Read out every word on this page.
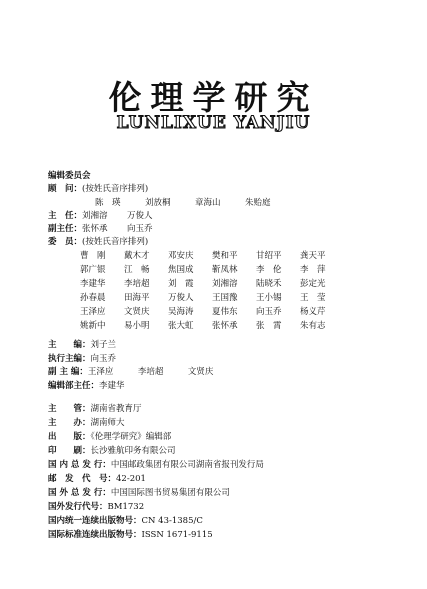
伦理学研究
LUNLIXUE YANJIU
编辑委员会
顾　问：(按姓氏音序排列)
陈　瑛	刘放桐	章海山	朱贻庭
主　任：刘湘溶 万俊人
副主任：张怀承 向玉乔
委　员：(按姓氏音序排列)
曹　刚 戴木才 邓安庆 樊和平 甘绍平 龚天平
郭广银 江　畅 焦国成 靳凤林 李　伦 李　萍
李建华 李培超 刘　霞 刘湘溶 陆晓禾 彭定光
孙春晨 田海平 万俊人 王国豫 王小锡 王　莹
王泽应 文贤庆 吴海涛 夏伟东 向玉乔 杨义芹
姚新中 易小明 张大虹 张怀承 张　霄 朱有志
主　　编：刘子兰
执行主编：向玉乔
副 主 编：王泽应	李培超	文贤庆
编辑部主任：李建华
主　　管：湖南省教育厅
主　　办：湖南师大
出　　版：《伦理学研究》编辑部
印　　刷：长沙雅航印务有限公司
国 内 总 发 行：中国邮政集团有限公司湖南省报刊发行局
邮　发　代　号：42-201
国 外 总 发 行：中国国际图书贸易集团有限公司
国外发行代号：BM1732
国内统一连续出版物号：CN 43-1385/C
国际标准连续出版物号：ISSN 1671-9115
